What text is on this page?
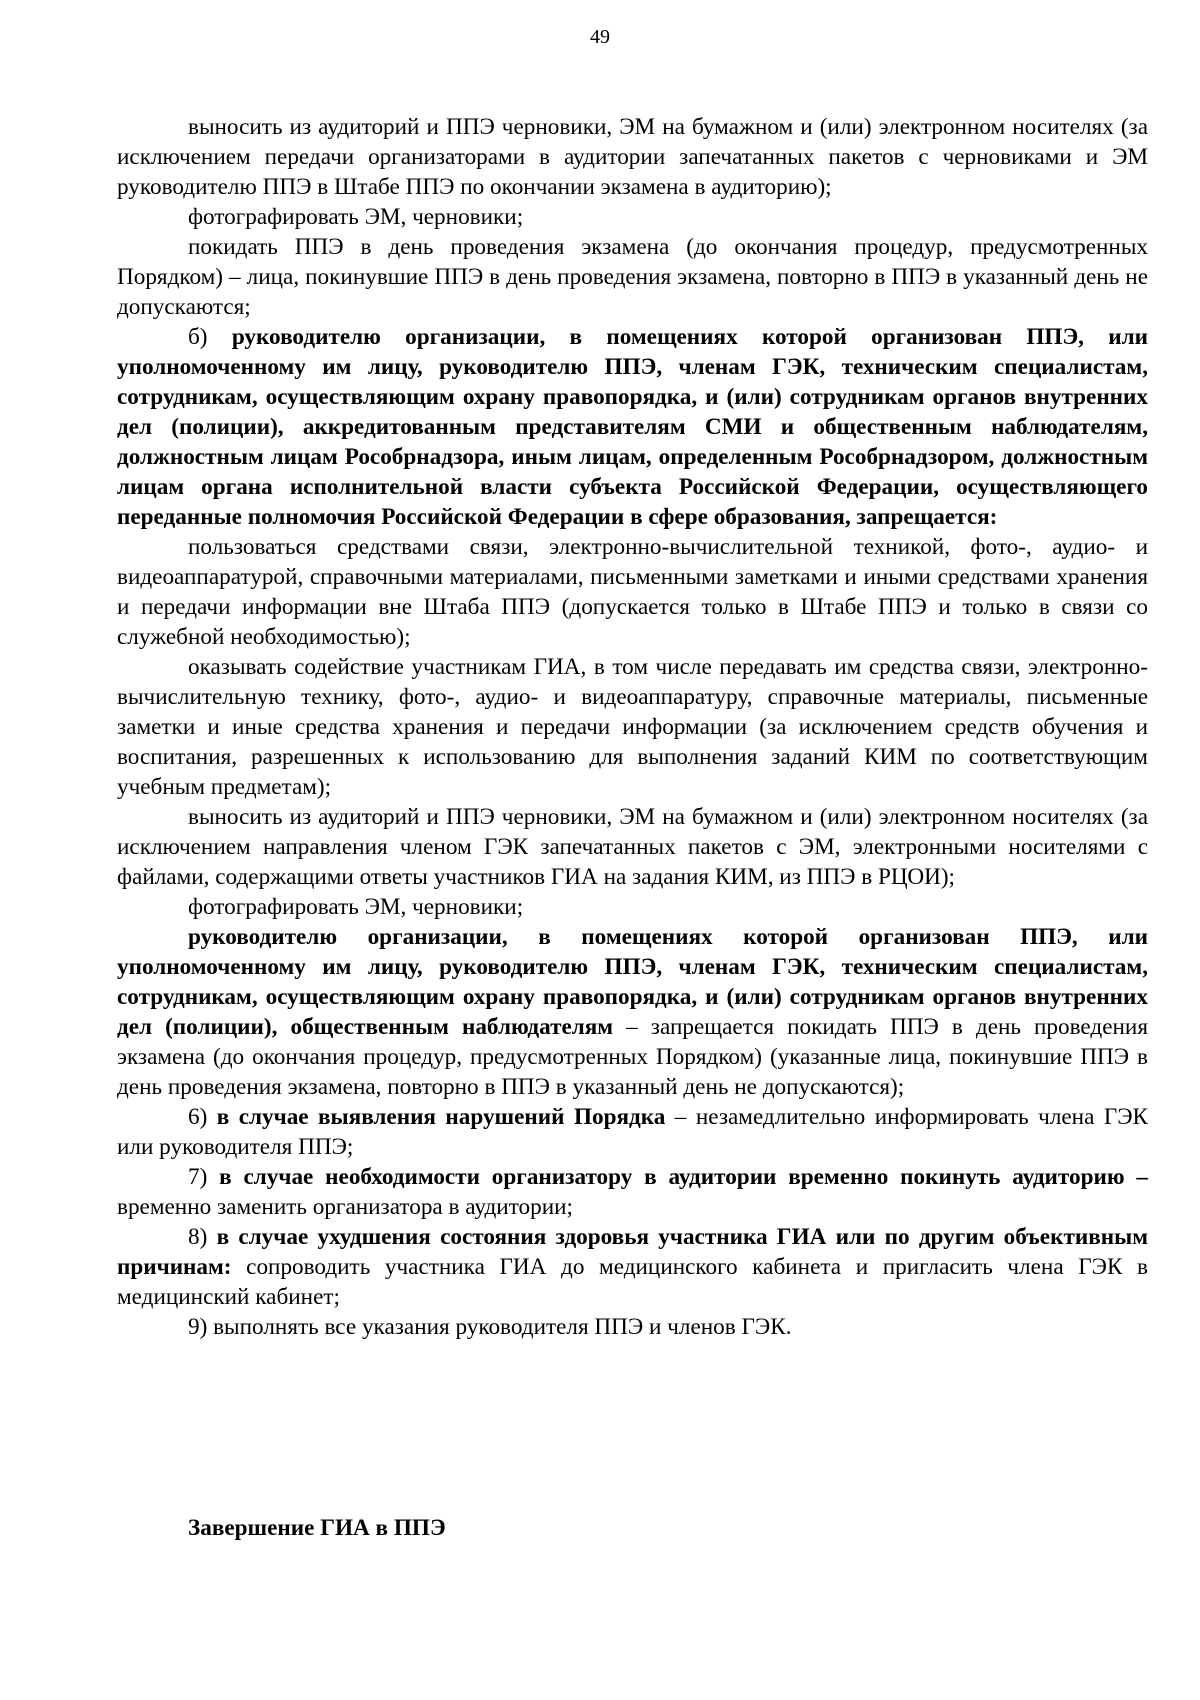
49

выносить из аудиторий и ППЭ черновики, ЭМ на бумажном и (или) электронном носителях (за исключением передачи организаторами в аудитории запечатанных пакетов с черновиками и ЭМ руководителю ППЭ в Штабе ППЭ по окончании экзамена в аудиторию);

фотографировать ЭМ, черновики;

покидать ППЭ в день проведения экзамена (до окончания процедур, предусмотренных Порядком) – лица, покинувшие ППЭ в день проведения экзамена, повторно в ППЭ в указанный день не допускаются;

б) руководителю организации, в помещениях которой организован ППЭ, или уполномоченному им лицу, руководителю ППЭ, членам ГЭК, техническим специалистам, сотрудникам, осуществляющим охрану правопорядка, и (или) сотрудникам органов внутренних дел (полиции), аккредитованным представителям СМИ и общественным наблюдателям, должностным лицам Рособрнадзора, иным лицам, определенным Рособрнадзором, должностным лицам органа исполнительной власти субъекта Российской Федерации, осуществляющего переданные полномочия Российской Федерации в сфере образования, запрещается:

пользоваться средствами связи, электронно-вычислительной техникой, фото-, аудио- и видеоаппаратурой, справочными материалами, письменными заметками и иными средствами хранения и передачи информации вне Штаба ППЭ (допускается только в Штабе ППЭ и только в связи со служебной необходимостью);

оказывать содействие участникам ГИА, в том числе передавать им средства связи, электронно-вычислительную технику, фото-, аудио- и видеоаппаратуру, справочные материалы, письменные заметки и иные средства хранения и передачи информации (за исключением средств обучения и воспитания, разрешенных к использованию для выполнения заданий КИМ по соответствующим учебным предметам);

выносить из аудиторий и ППЭ черновики, ЭМ на бумажном и (или) электронном носителях (за исключением направления членом ГЭК запечатанных пакетов с ЭМ, электронными носителями с файлами, содержащими ответы участников ГИА на задания КИМ, из ППЭ в РЦОИ);

фотографировать ЭМ, черновики;

руководителю организации, в помещениях которой организован ППЭ, или уполномоченному им лицу, руководителю ППЭ, членам ГЭК, техническим специалистам, сотрудникам, осуществляющим охрану правопорядка, и (или) сотрудникам органов внутренних дел (полиции), общественным наблюдателям – запрещается покидать ППЭ в день проведения экзамена (до окончания процедур, предусмотренных Порядком) (указанные лица, покинувшие ППЭ в день проведения экзамена, повторно в ППЭ в указанный день не допускаются);

6) в случае выявления нарушений Порядка – незамедлительно информировать члена ГЭК или руководителя ППЭ;

7) в случае необходимости организатору в аудитории временно покинуть аудиторию – временно заменить организатора в аудитории;

8) в случае ухудшения состояния здоровья участника ГИА или по другим объективным причинам: сопроводить участника ГИА до медицинского кабинета и пригласить члена ГЭК в медицинский кабинет;

9) выполнять все указания руководителя ППЭ и членов ГЭК.

Завершение ГИА в ППЭ
